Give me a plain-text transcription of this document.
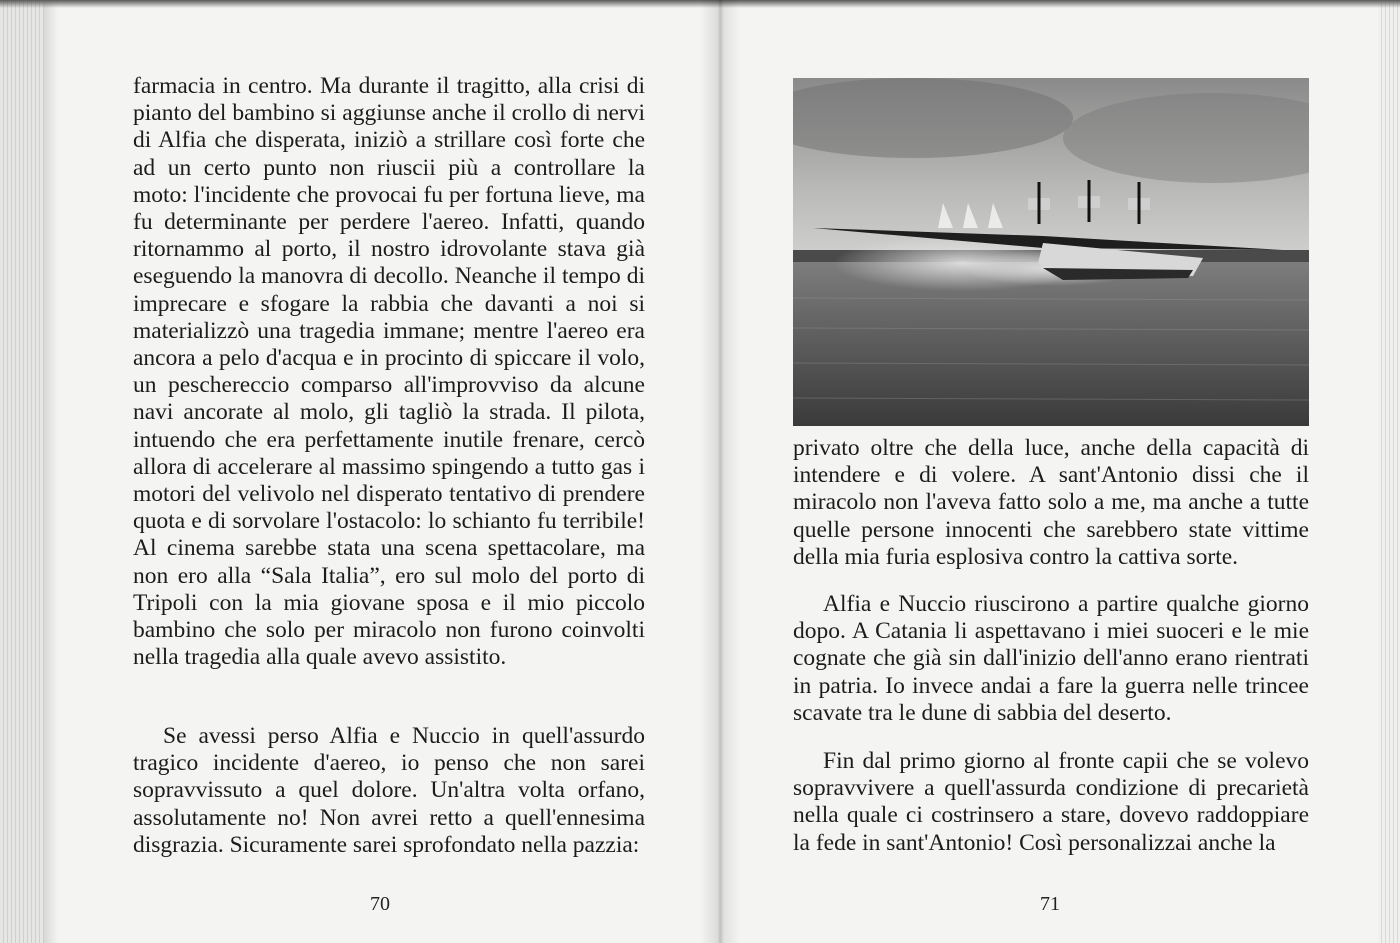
farmacia in centro. Ma durante il tragitto, alla crisi di pianto del bambino si aggiunse anche il crollo di nervi di Alfia che disperata, iniziò a strillare così forte che ad un certo punto non riuscii più a controllare la moto: l'incidente che provocai fu per fortuna lieve, ma fu determinante per perdere l'aereo. Infatti, quando ritornammo al porto, il nostro idrovolante stava già eseguendo la manovra di decollo. Neanche il tempo di imprecare e sfogare la rabbia che davanti a noi si materializzò una tragedia immane; mentre l'aereo era ancora a pelo d'acqua e in procinto di spiccare il volo, un peschereccio comparso all'improvviso da alcune navi ancorate al molo, gli tagliò la strada. Il pilota, intuendo che era perfettamente inutile frenare, cercò allora di accelerare al massimo spingendo a tutto gas i motori del velivolo nel disperato tentativo di prendere quota e di sorvolare l'ostacolo: lo schianto fu terribile! Al cinema sarebbe stata una scena spettacolare, ma non ero alla “Sala Italia”, ero sul molo del porto di Tripoli con la mia giovane sposa e il mio piccolo bambino che solo per miracolo non furono coinvolti nella tragedia alla quale avevo assistito.

Se avessi perso Alfia e Nuccio in quell'assurdo tragico incidente d'aereo, io penso che non sarei sopravvissuto a quel dolore. Un'altra volta orfano, assolutamente no! Non avrei retto a quell'ennesima disgrazia. Sicuramente sarei sprofondato nella pazzia:

70

privato oltre che della luce, anche della capacità di intendere e di volere. A sant'Antonio dissi che il miracolo non l'aveva fatto solo a me, ma anche a tutte quelle persone innocenti che sarebbero state vittime della mia furia esplosiva contro la cattiva sorte.

Alfia e Nuccio riuscirono a partire qualche giorno dopo. A Catania li aspettavano i miei suoceri e le mie cognate che già sin dall'inizio dell'anno erano rientrati in patria. Io invece andai a fare la guerra nelle trincee scavate tra le dune di sabbia del deserto.

Fin dal primo giorno al fronte capii che se volevo sopravvivere a quell'assurda condizione di precarietà nella quale ci costrinsero a stare, dovevo raddoppiare la fede in sant'Antonio! Così personalizzai anche la

71
